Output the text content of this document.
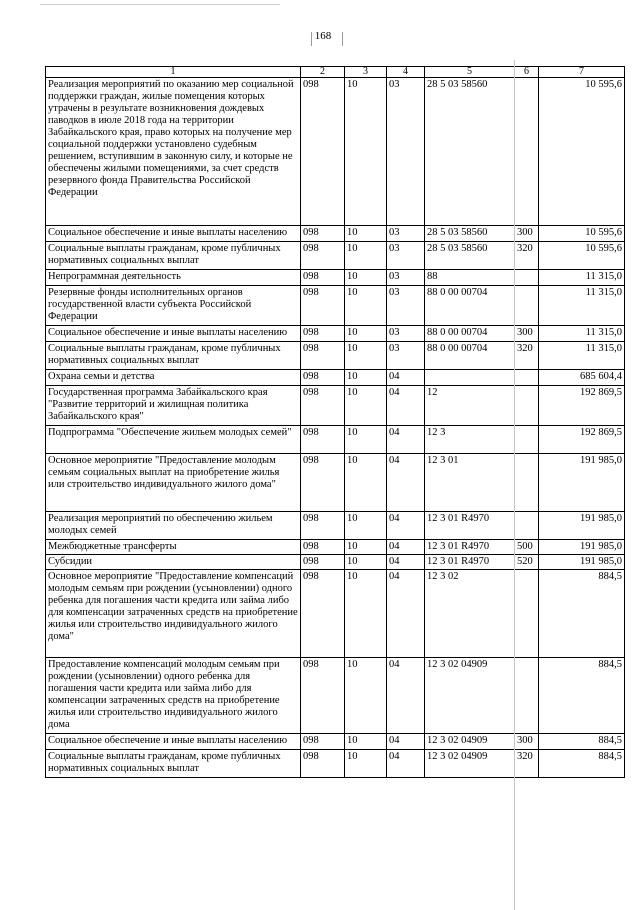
168
1	2	3	4	5	6	7
Реализация мероприятий по оказанию мер социальной поддержки граждан, жилые помещения которых утрачены в результате возникновения дождевых паводков в июле 2018 года на территории Забайкальского края, право которых на получение мер социальной поддержки установлено судебным решением, вступившим в законную силу, и которые не обеспечены жилыми помещениями, за счет средств резервного фонда Правительства Российской Федерации	098	10	03	28 5 03 58560		10 595,6
Социальное обеспечение и иные выплаты населению	098	10	03	28 5 03 58560	300	10 595,6
Социальные выплаты гражданам, кроме публичных нормативных социальных выплат	098	10	03	28 5 03 58560	320	10 595,6
Непрограммная деятельность	098	10	03	88		11 315,0
Резервные фонды исполнительных органов государственной власти субъекта Российской Федерации	098	10	03	88 0 00 00704		11 315,0
Социальное обеспечение и иные выплаты населению	098	10	03	88 0 00 00704	300	11 315,0
Социальные выплаты гражданам, кроме публичных нормативных социальных выплат	098	10	03	88 0 00 00704	320	11 315,0
Охрана семьи и детства	098	10	04			685 604,4
Государственная программа Забайкальского края "Развитие территорий и жилищная политика Забайкальского края"	098	10	04	12		192 869,5
Подпрограмма "Обеспечение жильем молодых семей"	098	10	04	12 3		192 869,5
Основное мероприятие "Предоставление молодым семьям социальных выплат на приобретение жилья или строительство индивидуального жилого дома"	098	10	04	12 3 01		191 985,0
Реализация мероприятий по обеспечению жильем молодых семей	098	10	04	12 3 01 R4970		191 985,0
Межбюджетные трансферты	098	10	04	12 3 01 R4970	500	191 985,0
Субсидии	098	10	04	12 3 01 R4970	520	191 985,0
Основное мероприятие "Предоставление компенсаций молодым семьям при рождении (усыновлении) одного ребенка для погашения части кредита или займа либо для компенсации затраченных средств на приобретение жилья или строительство индивидуального жилого дома"	098	10	04	12 3 02		884,5
Предоставление компенсаций молодым семьям при рождении (усыновлении) одного ребенка для погашения части кредита или займа либо для компенсации затраченных средств на приобретение жилья или строительство индивидуального жилого дома	098	10	04	12 3 02 04909		884,5
Социальное обеспечение и иные выплаты населению	098	10	04	12 3 02 04909	300	884,5
Социальные выплаты гражданам, кроме публичных нормативных социальных выплат	098	10	04	12 3 02 04909	320	884,5
